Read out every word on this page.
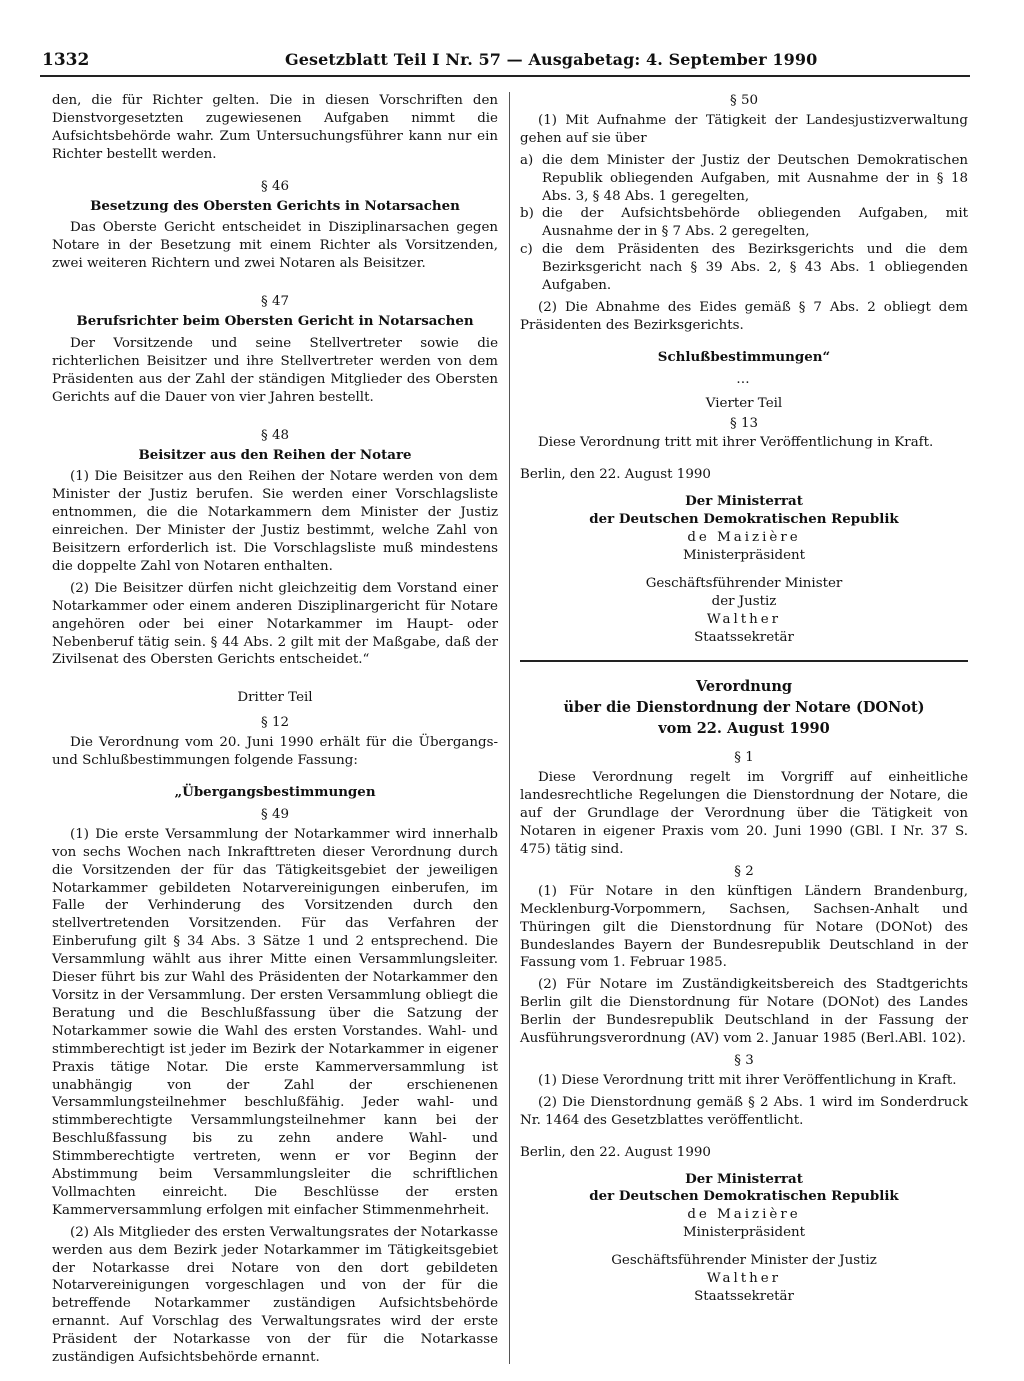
1332	Gesetzblatt Teil I Nr. 57 — Ausgabetag: 4. September 1990

den, die für Richter gelten. Die in diesen Vorschriften den Dienstvorgesetzten zugewiesenen Aufgaben nimmt die Aufsichtsbehörde wahr. Zum Untersuchungsführer kann nur ein Richter bestellt werden.

§ 46

Besetzung des Obersten Gerichts in Notarsachen

Das Oberste Gericht entscheidet in Disziplinarsachen gegen Notare in der Besetzung mit einem Richter als Vorsitzenden, zwei weiteren Richtern und zwei Notaren als Beisitzer.

§ 47

Berufsrichter beim Obersten Gericht in Notarsachen

Der Vorsitzende und seine Stellvertreter sowie die richterlichen Beisitzer und ihre Stellvertreter werden von dem Präsidenten aus der Zahl der ständigen Mitglieder des Obersten Gerichts auf die Dauer von vier Jahren bestellt.

§ 48

Beisitzer aus den Reihen der Notare

(1) Die Beisitzer aus den Reihen der Notare werden von dem Minister der Justiz berufen. Sie werden einer Vorschlagsliste entnommen, die die Notarkammern dem Minister der Justiz einreichen. Der Minister der Justiz bestimmt, welche Zahl von Beisitzern erforderlich ist. Die Vorschlagsliste muß mindestens die doppelte Zahl von Notaren enthalten.

(2) Die Beisitzer dürfen nicht gleichzeitig dem Vorstand einer Notarkammer oder einem anderen Disziplinargericht für Notare angehören oder bei einer Notarkammer im Haupt- oder Nebenberuf tätig sein. § 44 Abs. 2 gilt mit der Maßgabe, daß der Zivilsenat des Obersten Gerichts entscheidet.“

Dritter Teil

§ 12

Die Verordnung vom 20. Juni 1990 erhält für die Übergangs- und Schlußbestimmungen folgende Fassung:

„Übergangsbestimmungen

§ 49

(1) Die erste Versammlung der Notarkammer wird innerhalb von sechs Wochen nach Inkrafttreten dieser Verordnung durch die Vorsitzenden der für das Tätigkeitsgebiet der jeweiligen Notarkammer gebildeten Notarvereinigungen einberufen, im Falle der Verhinderung des Vorsitzenden durch den stellvertretenden Vorsitzenden. Für das Verfahren der Einberufung gilt § 34 Abs. 3 Sätze 1 und 2 entsprechend. Die Versammlung wählt aus ihrer Mitte einen Versammlungsleiter. Dieser führt bis zur Wahl des Präsidenten der Notarkammer den Vorsitz in der Versammlung. Der ersten Versammlung obliegt die Beratung und die Beschlußfassung über die Satzung der Notarkammer sowie die Wahl des ersten Vorstandes. Wahl- und stimmberechtigt ist jeder im Bezirk der Notarkammer in eigener Praxis tätige Notar. Die erste Kammerversammlung ist unabhängig von der Zahl der erschienenen Versammlungsteilnehmer beschlußfähig. Jeder wahl- und stimmberechtigte Versammlungsteilnehmer kann bei der Beschlußfassung bis zu zehn andere Wahl- und Stimmberechtigte vertreten, wenn er vor Beginn der Abstimmung beim Versammlungsleiter die schriftlichen Vollmachten einreicht. Die Beschlüsse der ersten Kammerversammlung erfolgen mit einfacher Stimmenmehrheit.

(2) Als Mitglieder des ersten Verwaltungsrates der Notarkasse werden aus dem Bezirk jeder Notarkammer im Tätigkeitsgebiet der Notarkasse drei Notare von den dort gebildeten Notarvereinigungen vorgeschlagen und von der für die betreffende Notarkammer zuständigen Aufsichtsbehörde ernannt. Auf Vorschlag des Verwaltungsrates wird der erste Präsident der Notarkasse von der für die Notarkasse zuständigen Aufsichtsbehörde ernannt.

§ 50

(1) Mit Aufnahme der Tätigkeit der Landesjustizverwaltung gehen auf sie über

a) die dem Minister der Justiz der Deutschen Demokratischen Republik obliegenden Aufgaben, mit Ausnahme der in § 18 Abs. 3, § 48 Abs. 1 geregelten,
b) die der Aufsichtsbehörde obliegenden Aufgaben, mit Ausnahme der in § 7 Abs. 2 geregelten,
c) die dem Präsidenten des Bezirksgerichts und die dem Bezirksgericht nach § 39 Abs. 2, § 43 Abs. 1 obliegenden Aufgaben.

(2) Die Abnahme des Eides gemäß § 7 Abs. 2 obliegt dem Präsidenten des Bezirksgerichts.

Schlußbestimmungen“

…

Vierter Teil

§ 13

Diese Verordnung tritt mit ihrer Veröffentlichung in Kraft.

Berlin, den 22. August 1990

Der Ministerrat

der Deutschen Demokratischen Republik

de Maizière

Ministerpräsident

Geschäftsführender Minister

der Justiz

Walther

Staatssekretär

Verordnung

über die Dienstordnung der Notare (DONot)

vom 22. August 1990

§ 1

Diese Verordnung regelt im Vorgriff auf einheitliche landesrechtliche Regelungen die Dienstordnung der Notare, die auf der Grundlage der Verordnung über die Tätigkeit von Notaren in eigener Praxis vom 20. Juni 1990 (GBl. I Nr. 37 S. 475) tätig sind.

§ 2

(1) Für Notare in den künftigen Ländern Brandenburg, Mecklenburg-Vorpommern, Sachsen, Sachsen-Anhalt und Thüringen gilt die Dienstordnung für Notare (DONot) des Bundeslandes Bayern der Bundesrepublik Deutschland in der Fassung vom 1. Februar 1985.

(2) Für Notare im Zuständigkeitsbereich des Stadtgerichts Berlin gilt die Dienstordnung für Notare (DONot) des Landes Berlin der Bundesrepublik Deutschland in der Fassung der Ausführungsverordnung (AV) vom 2. Januar 1985 (Berl.ABl. 102).

§ 3

(1) Diese Verordnung tritt mit ihrer Veröffentlichung in Kraft.

(2) Die Dienstordnung gemäß § 2 Abs. 1 wird im Sonderdruck Nr. 1464 des Gesetzblattes veröffentlicht.

Berlin, den 22. August 1990

Der Ministerrat

der Deutschen Demokratischen Republik

de Maizière

Ministerpräsident

Geschäftsführender Minister der Justiz

Walther

Staatssekretär
